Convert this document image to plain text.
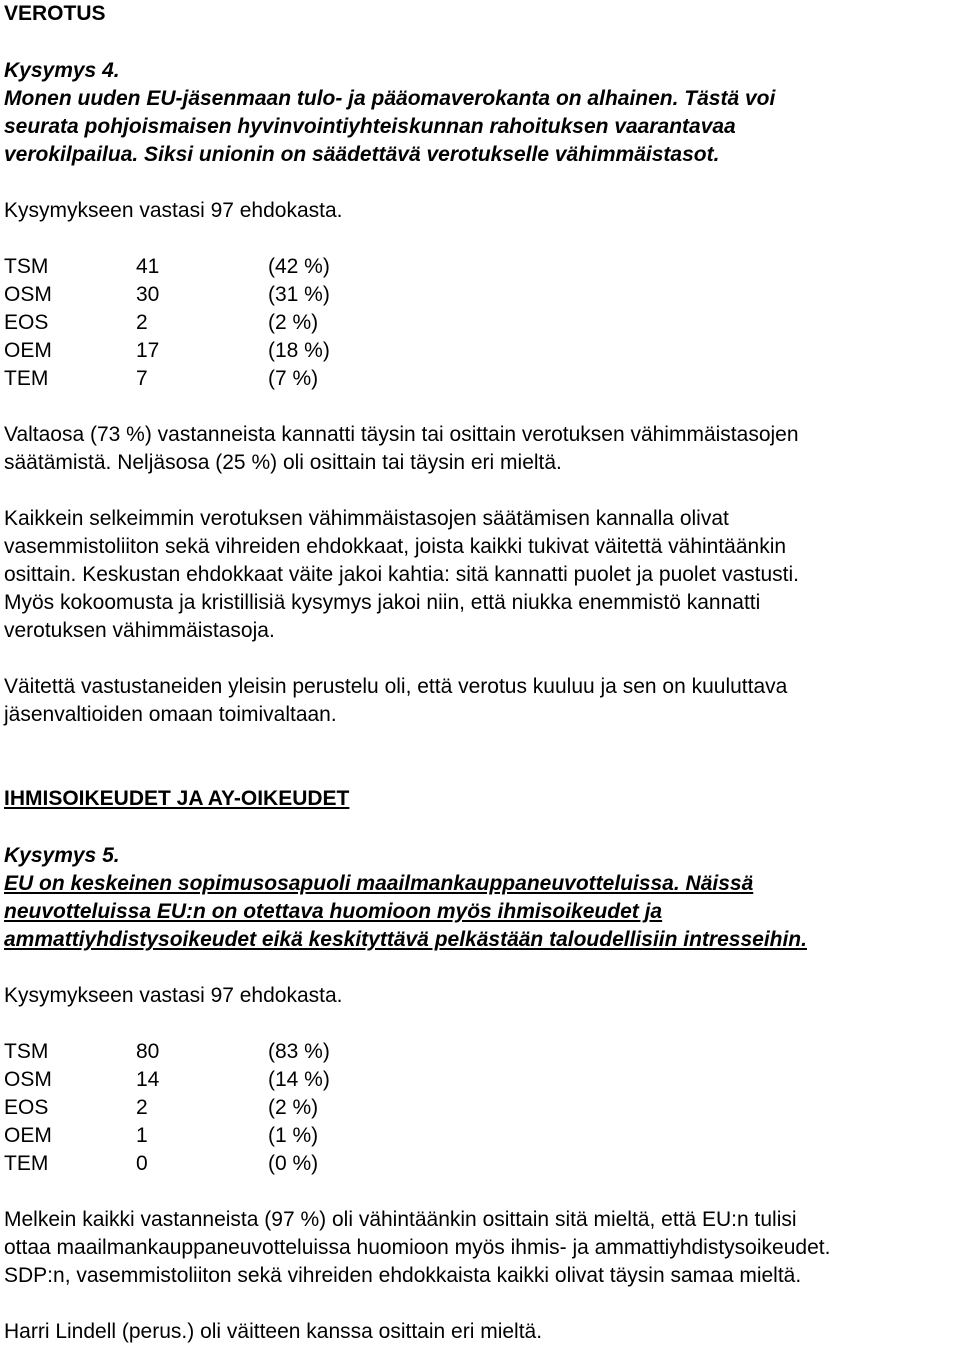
VEROTUS
Kysymys 4.
Monen uuden EU-jäsenmaan tulo- ja pääomaverokanta on alhainen. Tästä voi
seurata pohjoismaisen hyvinvointiyhteiskunnan rahoituksen vaarantavaa
verokilpailua. Siksi unionin on säädettävä verotukselle vähimmäistasot.
Kysymykseen vastasi 97 ehdokasta.
TSM	41	(42 %)
OSM	30	(31 %)
EOS	2	(2 %)
OEM	17	(18 %)
TEM	7	(7 %)
Valtaosa (73 %) vastanneista kannatti täysin tai osittain verotuksen vähimmäistasojen
säätämistä. Neljäsosa (25 %) oli osittain tai täysin eri mieltä.
Kaikkein selkeimmin verotuksen vähimmäistasojen säätämisen kannalla olivat
vasemmistoliiton sekä vihreiden ehdokkaat, joista kaikki tukivat väitettä vähintäänkin
osittain. Keskustan ehdokkaat väite jakoi kahtia: sitä kannatti puolet ja puolet vastusti.
Myös kokoomusta ja kristillisiä kysymys jakoi niin, että niukka enemmistö kannatti
verotuksen vähimmäistasoja.
Väitettä vastustaneiden yleisin perustelu oli, että verotus kuuluu ja sen on kuuluttava
jäsenvaltioiden omaan toimivaltaan.
IHMISOIKEUDET JA AY-OIKEUDET
Kysymys 5.
EU on keskeinen sopimusosapuoli maailmankauppaneuvotteluissa. Näissä
neuvotteluissa EU:n on otettava huomioon myös ihmisoikeudet ja
ammattiyhdistysoikeudet eikä keskityttävä pelkästään taloudellisiin intresseihin.
Kysymykseen vastasi 97 ehdokasta.
TSM	80	(83 %)
OSM	14	(14 %)
EOS	2	(2 %)
OEM	1	(1 %)
TEM	0	(0 %)
Melkein kaikki vastanneista (97 %) oli vähintäänkin osittain sitä mieltä, että EU:n tulisi
ottaa maailmankauppaneuvotteluissa huomioon myös ihmis- ja ammattiyhdistysoikeudet.
SDP:n, vasemmistoliiton sekä vihreiden ehdokkaista kaikki olivat täysin samaa mieltä.
Harri Lindell (perus.) oli väitteen kanssa osittain eri mieltä.
